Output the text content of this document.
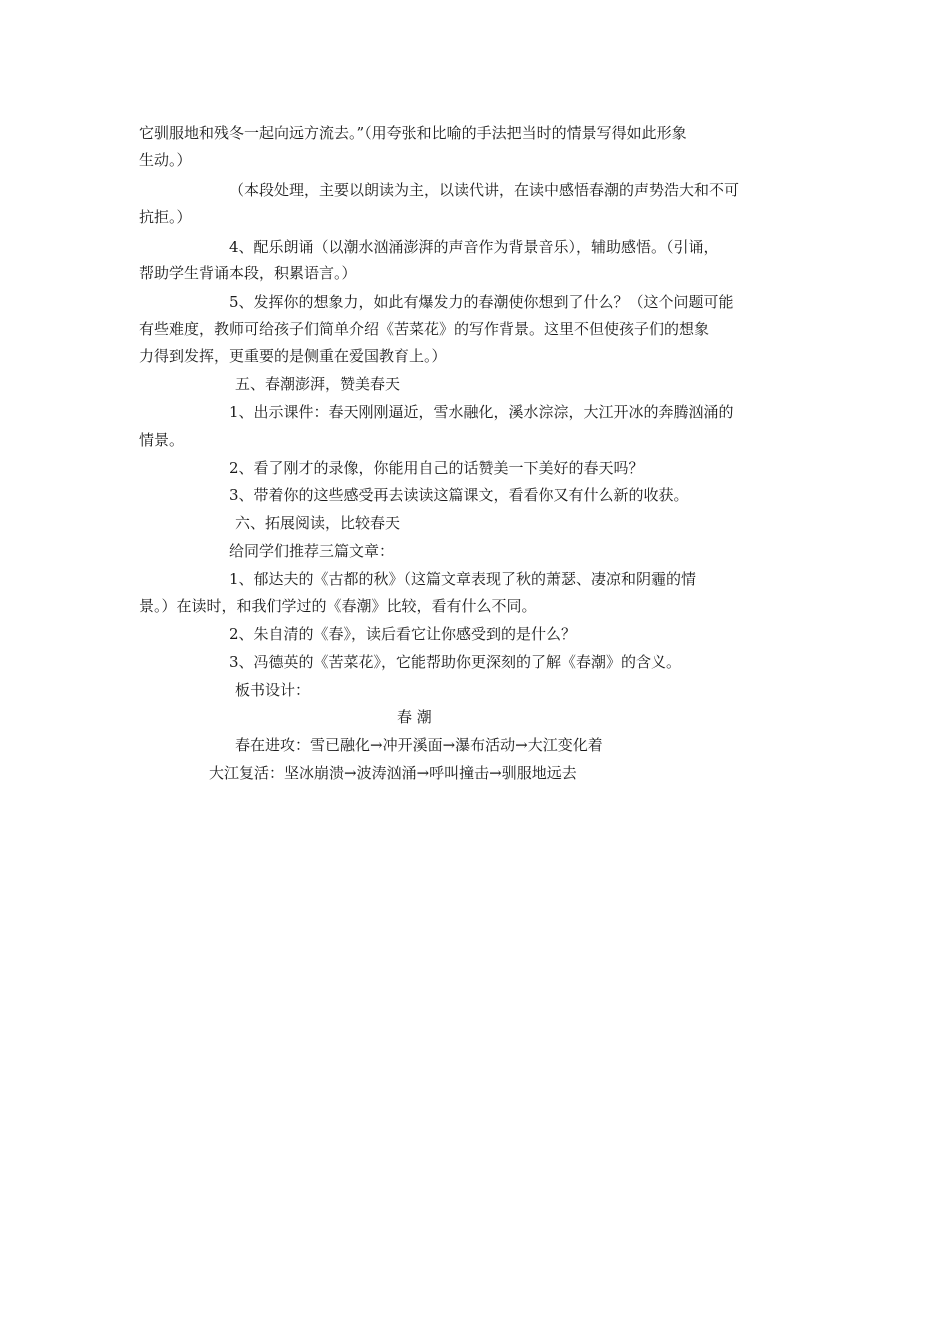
它驯服地和残冬一起向远方流去。”（用夸张和比喻的手法把当时的情景写得如此形象
生动。）
（本段处理，主要以朗读为主，以读代讲，在读中感悟春潮的声势浩大和不可
抗拒。）
4、配乐朗诵（以潮水汹涌澎湃的声音作为背景音乐），辅助感悟。（引诵，
帮助学生背诵本段，积累语言。）
5、发挥你的想象力，如此有爆发力的春潮使你想到了什么？（这个问题可能
有些难度，教师可给孩子们简单介绍《苦菜花》的写作背景。这里不但使孩子们的想象
力得到发挥，更重要的是侧重在爱国教育上。）
五、春潮澎湃，赞美春天
1、出示课件：春天刚刚逼近，雪水融化，溪水淙淙，大江开冰的奔腾汹涌的
情景。
2、看了刚才的录像，你能用自己的话赞美一下美好的春天吗？
3、带着你的这些感受再去读读这篇课文，看看你又有什么新的收获。
六、拓展阅读，比较春天
给同学们推荐三篇文章：
1、郁达夫的《古都的秋》（这篇文章表现了秋的萧瑟、凄凉和阴霾的情
景。）在读时，和我们学过的《春潮》比较，看有什么不同。
2、朱自清的《春》，读后看它让你感受到的是什么？
3、冯德英的《苦菜花》，它能帮助你更深刻的了解《春潮》的含义。
板书设计：
春 潮
春在进攻：雪已融化→冲开溪面→瀑布活动→大江变化着
大江复活：坚冰崩溃→波涛汹涌→呼叫撞击→驯服地远去
